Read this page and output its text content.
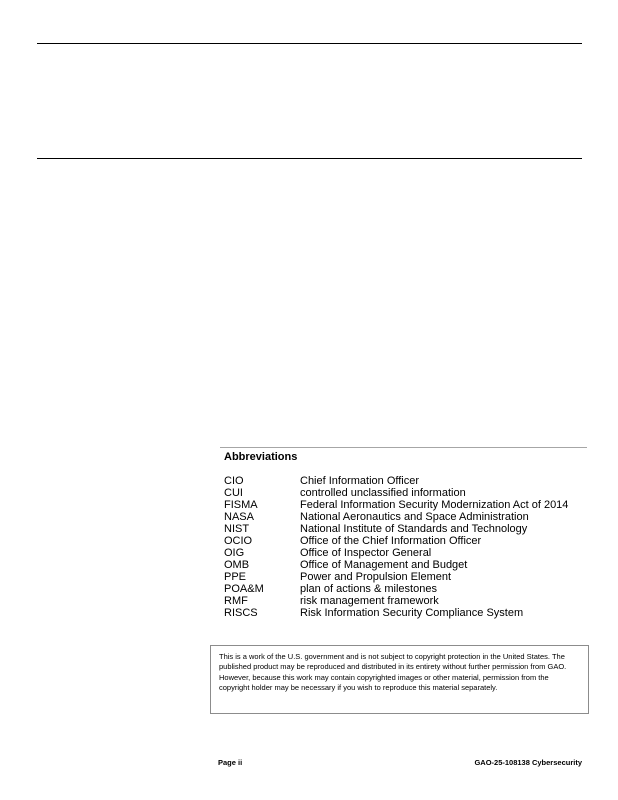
Abbreviations
CIO	Chief Information Officer
CUI	controlled unclassified information
FISMA	Federal Information Security Modernization Act of 2014
NASA	National Aeronautics and Space Administration
NIST	National Institute of Standards and Technology
OCIO	Office of the Chief Information Officer
OIG	Office of Inspector General
OMB	Office of Management and Budget
PPE	Power and Propulsion Element
POA&M	plan of actions & milestones
RMF	risk management framework
RISCS	Risk Information Security Compliance System
This is a work of the U.S. government and is not subject to copyright protection in the United States. The published product may be reproduced and distributed in its entirety without further permission from GAO. However, because this work may contain copyrighted images or other material, permission from the copyright holder may be necessary if you wish to reproduce this material separately.
Page ii	GAO-25-108138 Cybersecurity
